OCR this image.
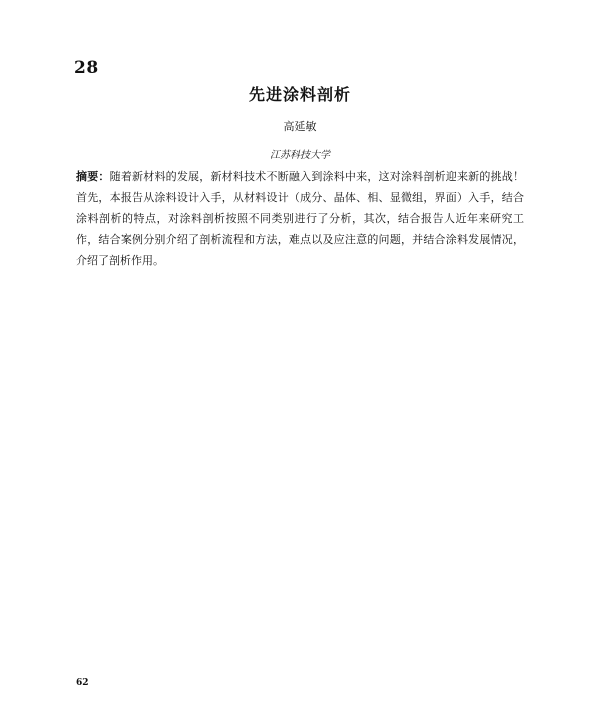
28
先进涂料剖析
高延敏
江苏科技大学
摘要：随着新材料的发展，新材料技术不断融入到涂料中来，这对涂料剖析迎来新的挑战！首先，本报告从涂料设计入手，从材料设计（成分、晶体、相、显微组，界面）入手，结合涂料剖析的特点，对涂料剖析按照不同类别进行了分析，其次，结合报告人近年来研究工作，结合案例分别介绍了剖析流程和方法，难点以及应注意的问题，并结合涂料发展情况，介绍了剖析作用。
62
